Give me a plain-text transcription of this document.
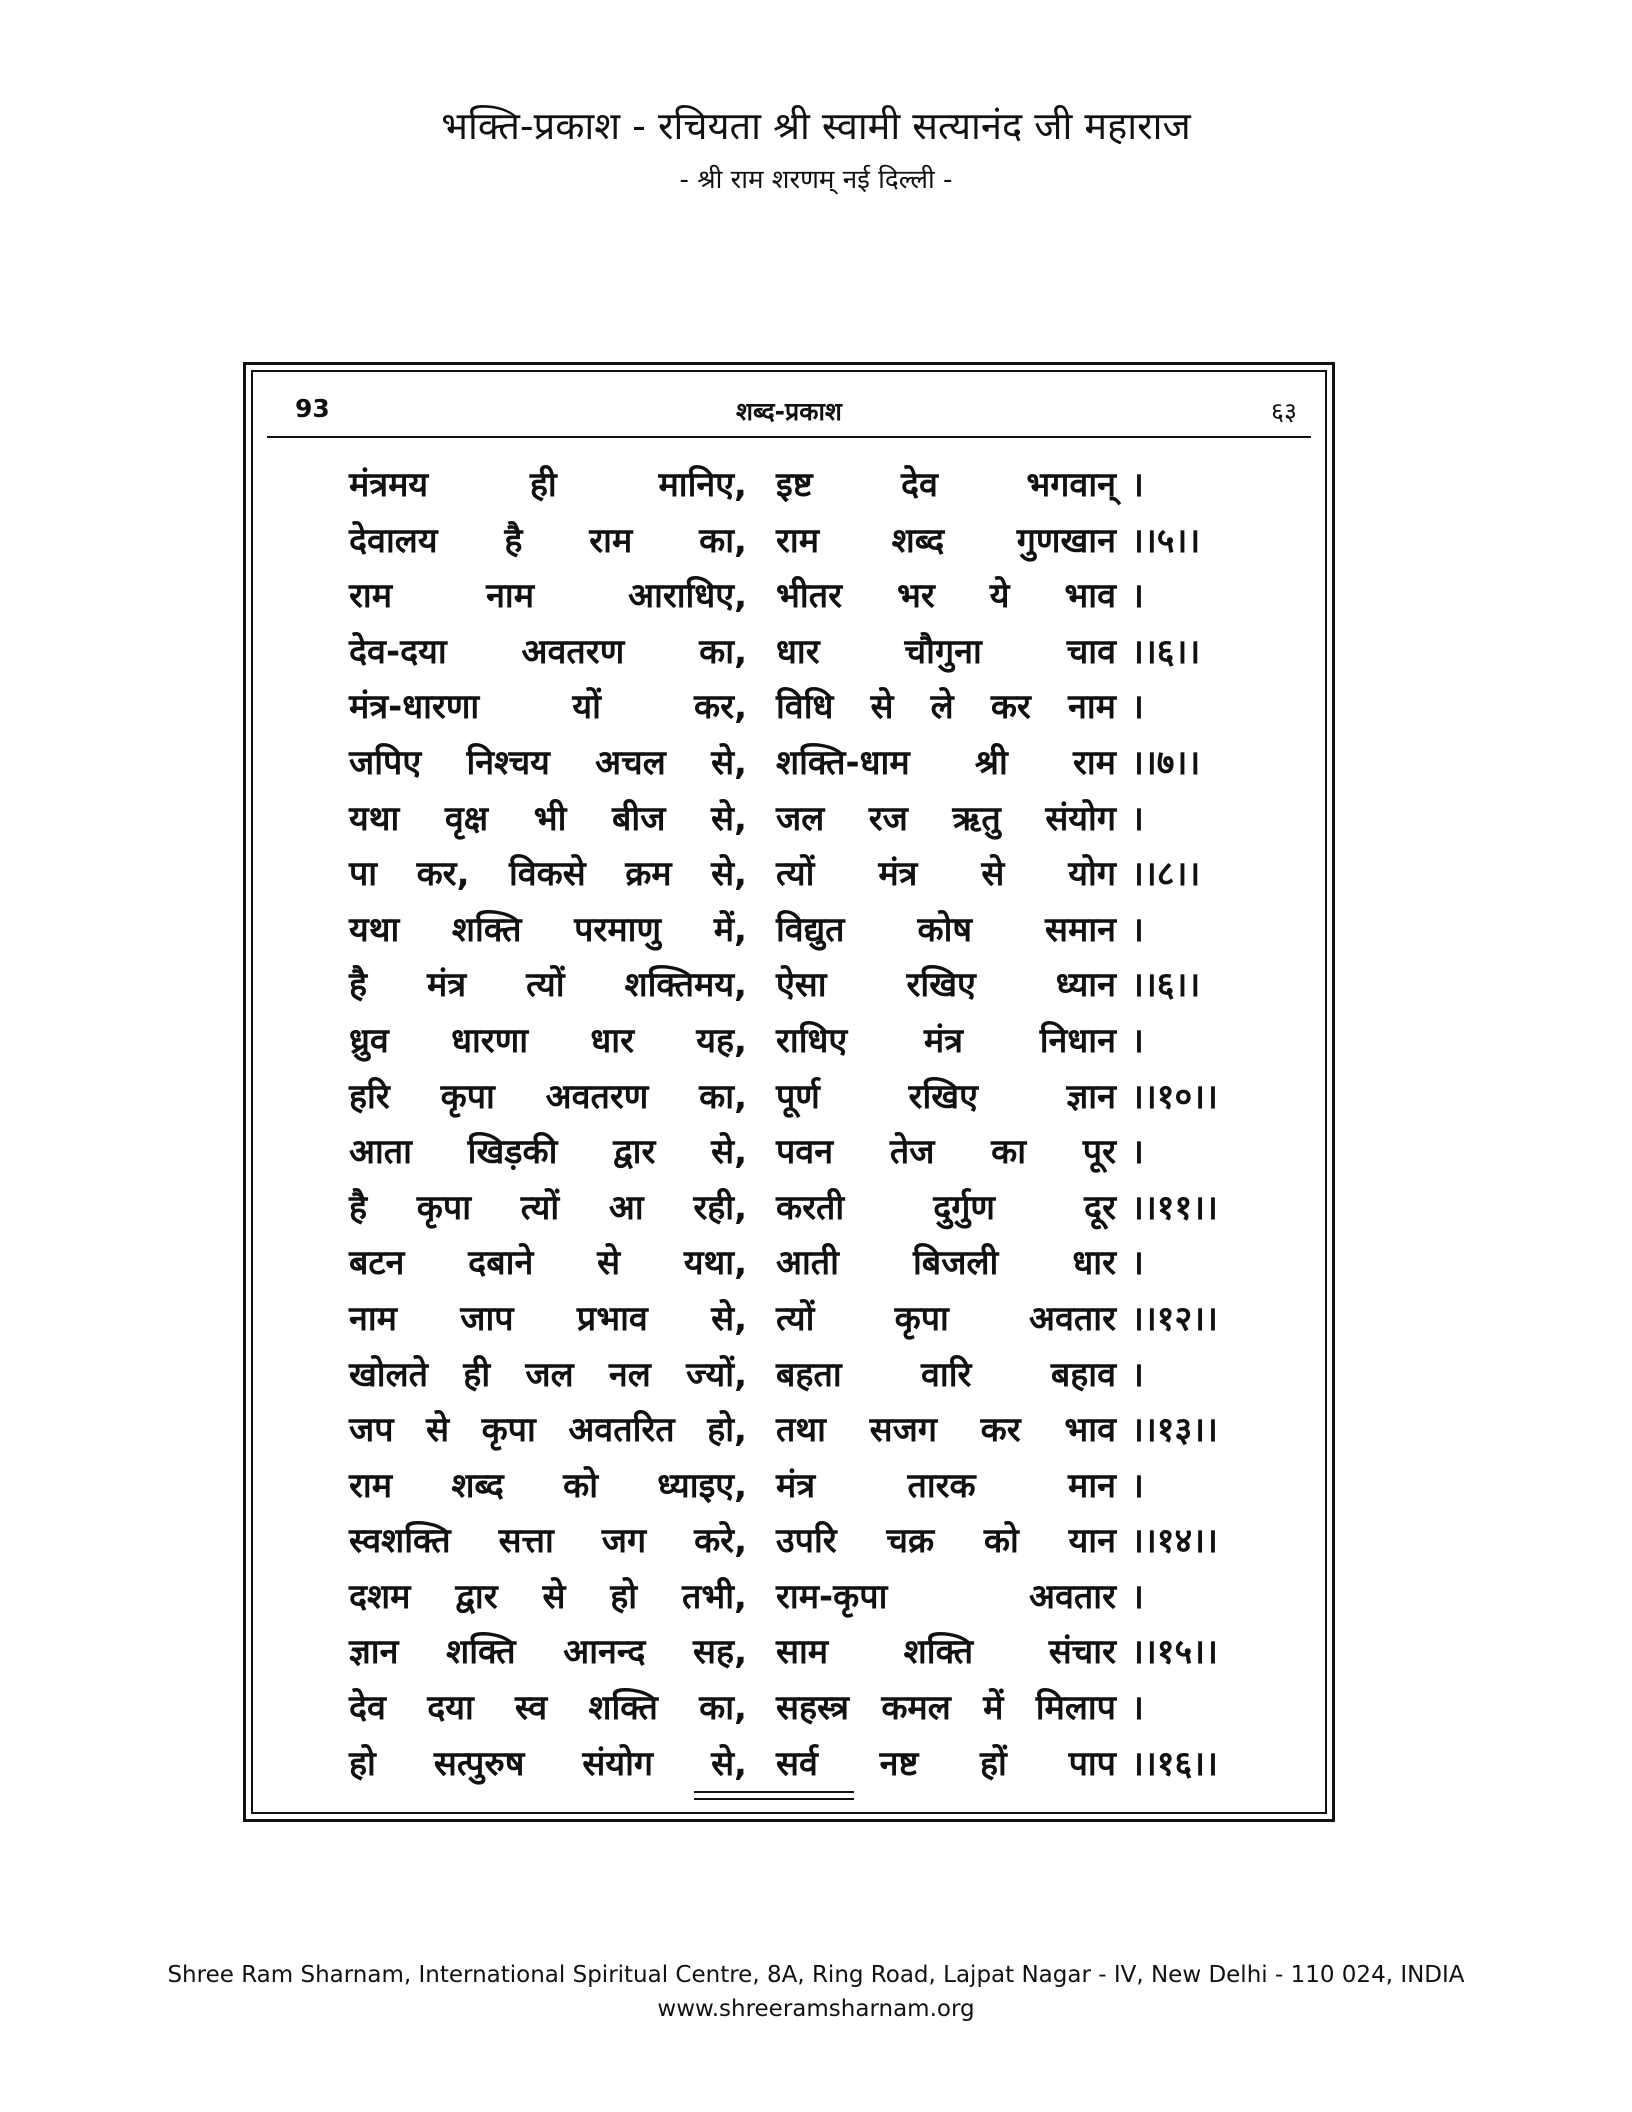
भक्ति-प्रकाश - रचियता श्री स्वामी सत्यानंद जी महाराज
- श्री राम शरणम् नई दिल्ली -
93	शब्द-प्रकाश	६३
मंत्रमय	ही	मानिए, इष्ट	देव	भगवान् ।
देवालय है राम का, राम शब्द गुणखान ।।५।।
राम	नाम	आराधिए, भीतर भर ये भाव ।
देव-दया अवतरण का, धार चौगुना चाव ।।६।।
मंत्र-धारणा	यों	कर, विधि से ले कर नाम ।
जपिए निश्चय अचल से, शक्ति-धाम श्री राम ।।७।।
यथा वृक्ष भी बीज से, जल रज ऋतु संयोग ।
पा कर, विकसे क्रम से, त्यों मंत्र से योग ।।८।।
यथा शक्ति परमाणु में, विद्युत कोष समान ।
है मंत्र त्यों शक्तिमय, ऐसा रखिए ध्यान ।।६।।
ध्रुव धारणा धार यह, राधिए मंत्र निधान ।
हरि कृपा अवतरण का, पूर्ण	रखिए	ज्ञान ।।१०।।
आता खिड़की द्वार से, पवन तेज का पूर ।
है कृपा त्यों आ रही, करती	दुर्गुण	दूर ।।११।।
बटन दबाने से यथा, आती बिजली धार ।
नाम जाप प्रभाव से, त्यों कृपा अवतार ।।१२।।
खोलते ही जल नल ज्यों, बहता वारि बहाव ।
जप से कृपा अवतरित हो, तथा सजग कर भाव ।।१३।।
राम शब्द को ध्याइए, मंत्र	तारक	मान ।
स्वशक्ति सत्ता जग करे, उपरि चक्र को यान ।।१४।।
दशम द्वार से हो तभी, राम-कृपा	अवतार ।
ज्ञान शक्ति आनन्द सह, साम शक्ति संचार ।।१५।।
देव दया स्व शक्ति का, सहस्त्र कमल में मिलाप ।
हो सत्पुरुष संयोग से, सर्व नष्ट हों पाप ।।१६।।
Shree Ram Sharnam, International Spiritual Centre, 8A, Ring Road, Lajpat Nagar - IV, New Delhi - 110 024, INDIA
www.shreeramsharnam.org
